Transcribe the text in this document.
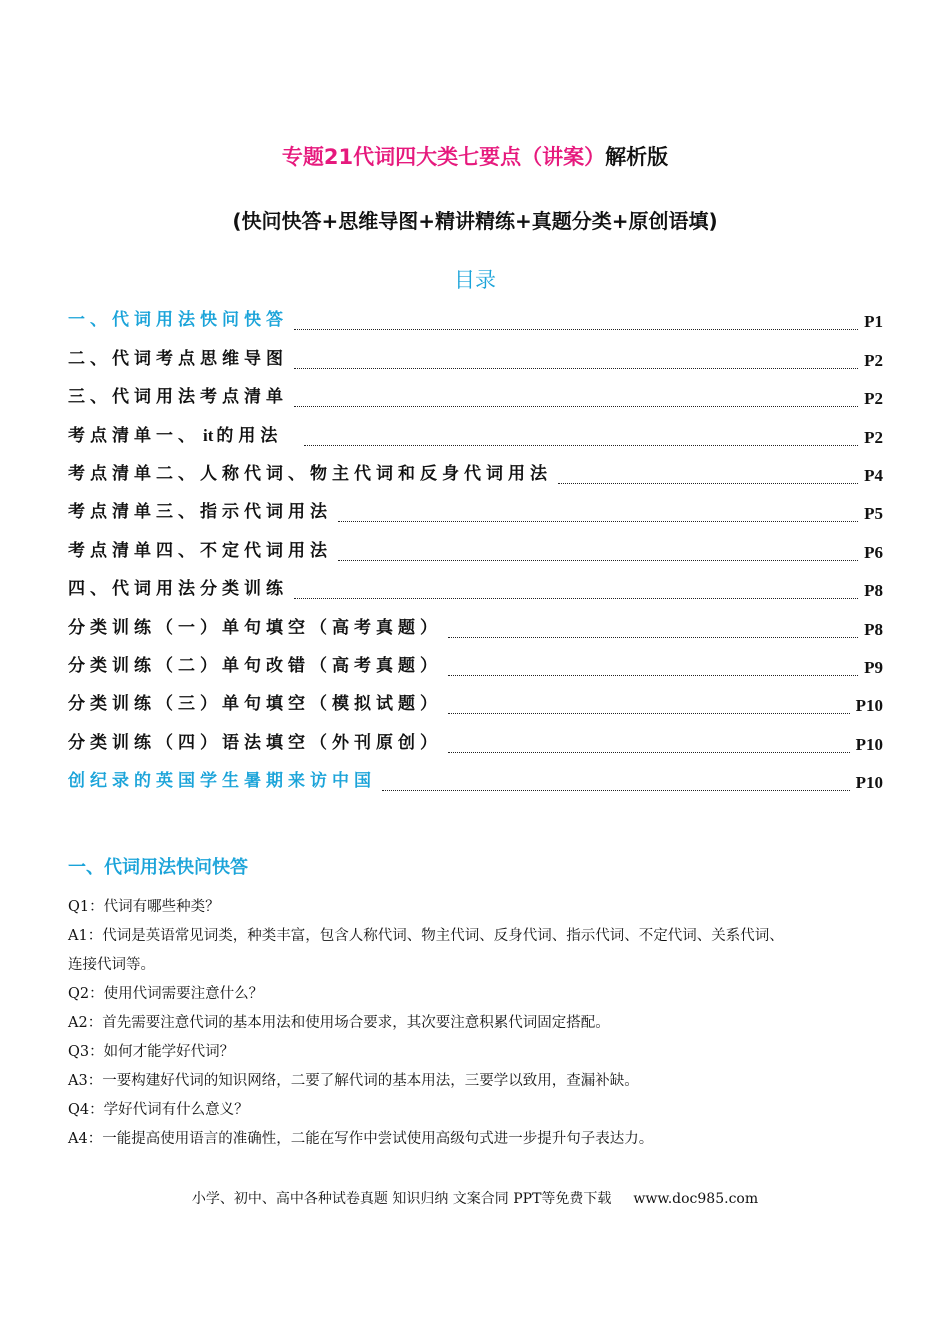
专题21代词四大类七要点（讲案）解析版
(快问快答+思维导图+精讲精练+真题分类+原创语填)
目录
一、代词用法快问快答	P1
二、代词考点思维导图	P2
三、代词用法考点清单	P2
考点清单一、 it 的用法	P2
考点清单二、人称代词、物主代词和反身代词用法	P4
考点清单三、指示代词用法	P5
考点清单四、不定代词用法	P6
四、代词用法分类训练	P8
分类训练（一）单句填空（高考真题）	P8
分类训练（二）单句改错（高考真题）	P9
分类训练（三）单句填空（模拟试题）	P10
分类训练（四）语法填空（外刊原创）	P10
创纪录的英国学生暑期来访中国	P10
一、代词用法快问快答

Q1：代词有哪些种类？

A1：代词是英语常见词类，种类丰富，包含人称代词、物主代词、反身代词、指示代词、不定代词、关系代词、

连接代词等。

Q2：使用代词需要注意什么？

A2：首先需要注意代词的基本用法和使用场合要求，其次要注意积累代词固定搭配。

Q3：如何才能学好代词？

A3：一要构建好代词的知识网络，二要了解代词的基本用法，三要学以致用，查漏补缺。

Q4：学好代词有什么意义？

A4：一能提高使用语言的准确性，二能在写作中尝试使用高级句式进一步提升句子表达力。

小学、初中、高中各种试卷真题 知识归纳 文案合同 PPT等免费下载 www.doc985.com
